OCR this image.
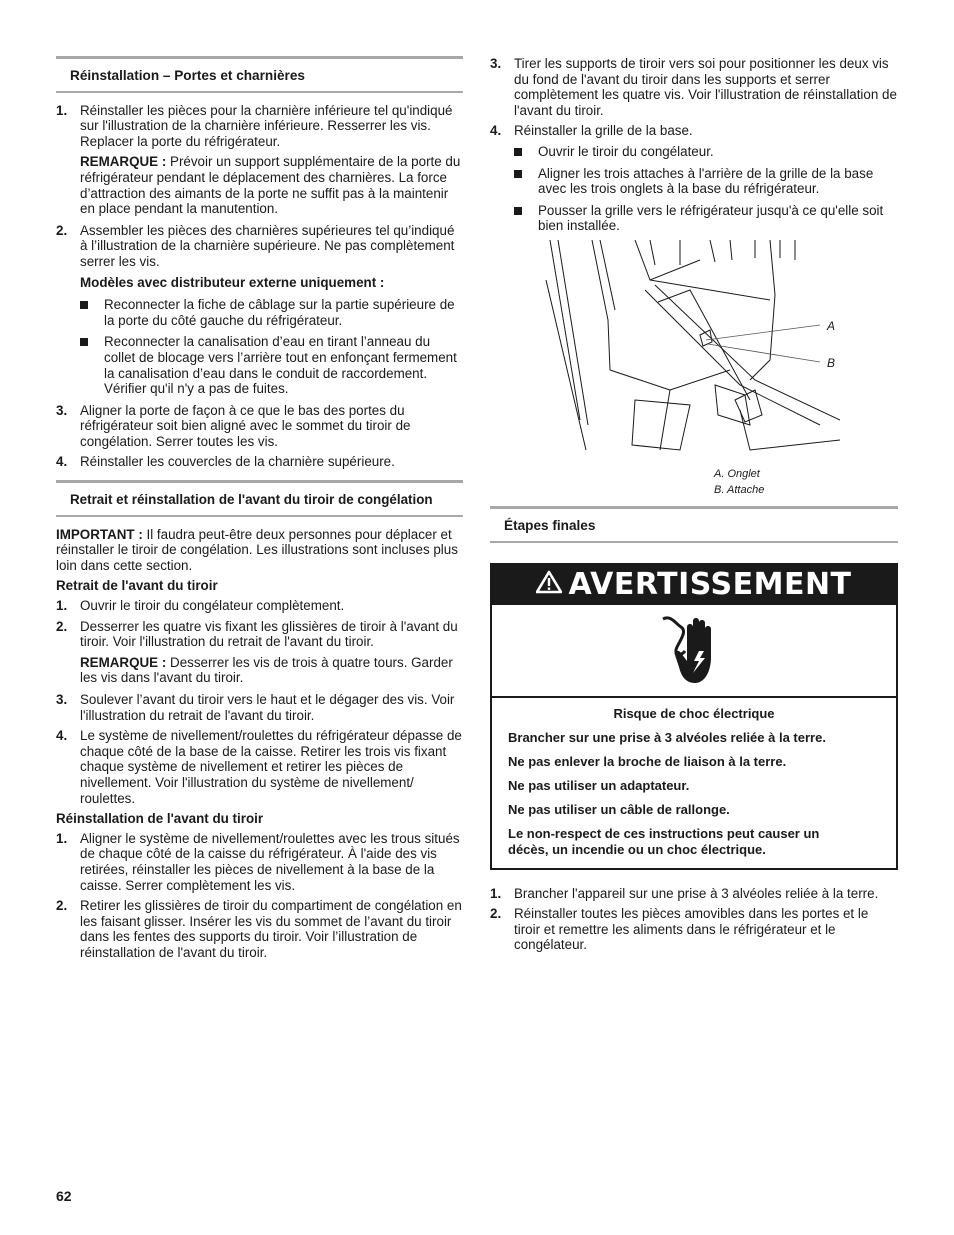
Réinstallation – Portes et charnières
1. Réinstaller les pièces pour la charnière inférieure tel qu'indiqué sur l'illustration de la charnière inférieure. Resserrer les vis. Replacer la porte du réfrigérateur.
REMARQUE : Prévoir un support supplémentaire de la porte du réfrigérateur pendant le déplacement des charnières. La force d’attraction des aimants de la porte ne suffit pas à la maintenir en place pendant la manutention.
2. Assembler les pièces des charnières supérieures tel qu’indiqué à l’illustration de la charnière supérieure. Ne pas complètement serrer les vis.
Modèles avec distributeur externe uniquement :
Reconnecter la fiche de câblage sur la partie supérieure de la porte du côté gauche du réfrigérateur.
Reconnecter la canalisation d’eau en tirant l’anneau du collet de blocage vers l’arrière tout en enfonçant fermement la canalisation d’eau dans le conduit de raccordement. Vérifier qu'il n'y a pas de fuites.
3. Aligner la porte de façon à ce que le bas des portes du réfrigérateur soit bien aligné avec le sommet du tiroir de congélation. Serrer toutes les vis.
4. Réinstaller les couvercles de la charnière supérieure.
Retrait et réinstallation de l'avant du tiroir de congélation
IMPORTANT : Il faudra peut-être deux personnes pour déplacer et réinstaller le tiroir de congélation. Les illustrations sont incluses plus loin dans cette section.
Retrait de l'avant du tiroir
1. Ouvrir le tiroir du congélateur complètement.
2. Desserrer les quatre vis fixant les glissières de tiroir à l'avant du tiroir. Voir l'illustration du retrait de l'avant du tiroir.
REMARQUE : Desserrer les vis de trois à quatre tours. Garder les vis dans l'avant du tiroir.
3. Soulever l’avant du tiroir vers le haut et le dégager des vis. Voir l'illustration du retrait de l'avant du tiroir.
4. Le système de nivellement/roulettes du réfrigérateur dépasse de chaque côté de la base de la caisse. Retirer les trois vis fixant chaque système de nivellement et retirer les pièces de nivellement. Voir l'illustration du système de nivellement/ roulettes.
Réinstallation de l'avant du tiroir
1. Aligner le système de nivellement/roulettes avec les trous situés de chaque côté de la caisse du réfrigérateur. À l'aide des vis retirées, réinstaller les pièces de nivellement à la base de la caisse. Serrer complètement les vis.
2. Retirer les glissières de tiroir du compartiment de congélation en les faisant glisser. Insérer les vis du sommet de l’avant du tiroir dans les fentes des supports du tiroir. Voir l’illustration de réinstallation de l'avant du tiroir.
3. Tirer les supports de tiroir vers soi pour positionner les deux vis du fond de l'avant du tiroir dans les supports et serrer complètement les quatre vis. Voir l'illustration de réinstallation de l'avant du tiroir.
4. Réinstaller la grille de la base.
Ouvrir le tiroir du congélateur.
Aligner les trois attaches à l'arrière de la grille de la base avec les trois onglets à la base du réfrigérateur.
Pousser la grille vers le réfrigérateur jusqu'à ce qu'elle soit bien installée.
A
B
A. Onglet
B. Attache
Étapes finales
AVERTISSEMENT
Risque de choc électrique

Brancher sur une prise à 3 alvéoles reliée à la terre.

Ne pas enlever la broche de liaison à la terre.

Ne pas utiliser un adaptateur.

Ne pas utiliser un câble de rallonge.

Le non-respect de ces instructions peut causer un décès, un incendie ou un choc électrique.

1. Brancher l'appareil sur une prise à 3 alvéoles reliée à la terre.
2. Réinstaller toutes les pièces amovibles dans les portes et le tiroir et remettre les aliments dans le réfrigérateur et le congélateur.
62
